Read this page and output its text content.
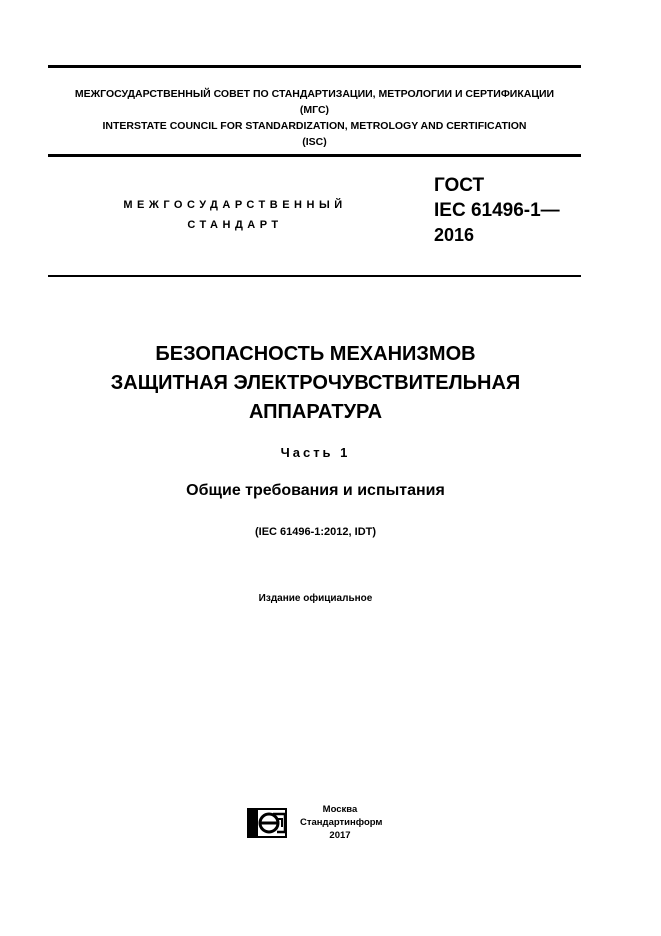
МЕЖГОСУДАРСТВЕННЫЙ СОВЕТ ПО СТАНДАРТИЗАЦИИ, МЕТРОЛОГИИ И СЕРТИФИКАЦИИ
(МГС)
INTERSTATE COUNCIL FOR STANDARDIZATION, METROLOGY AND CERTIFICATION
(ISC)
МЕЖГОСУДАРСТВЕННЫЙ
СТАНДАРТ
ГОСТ
IEC 61496-1—
2016
БЕЗОПАСНОСТЬ МЕХАНИЗМОВ
ЗАЩИТНАЯ ЭЛЕКТРОЧУВСТВИТЕЛЬНАЯ
АППАРАТУРА
Часть 1
Общие требования и испытания
(IEC 61496-1:2012, IDT)
Издание официальное
Москва
Стандартинформ
2017
